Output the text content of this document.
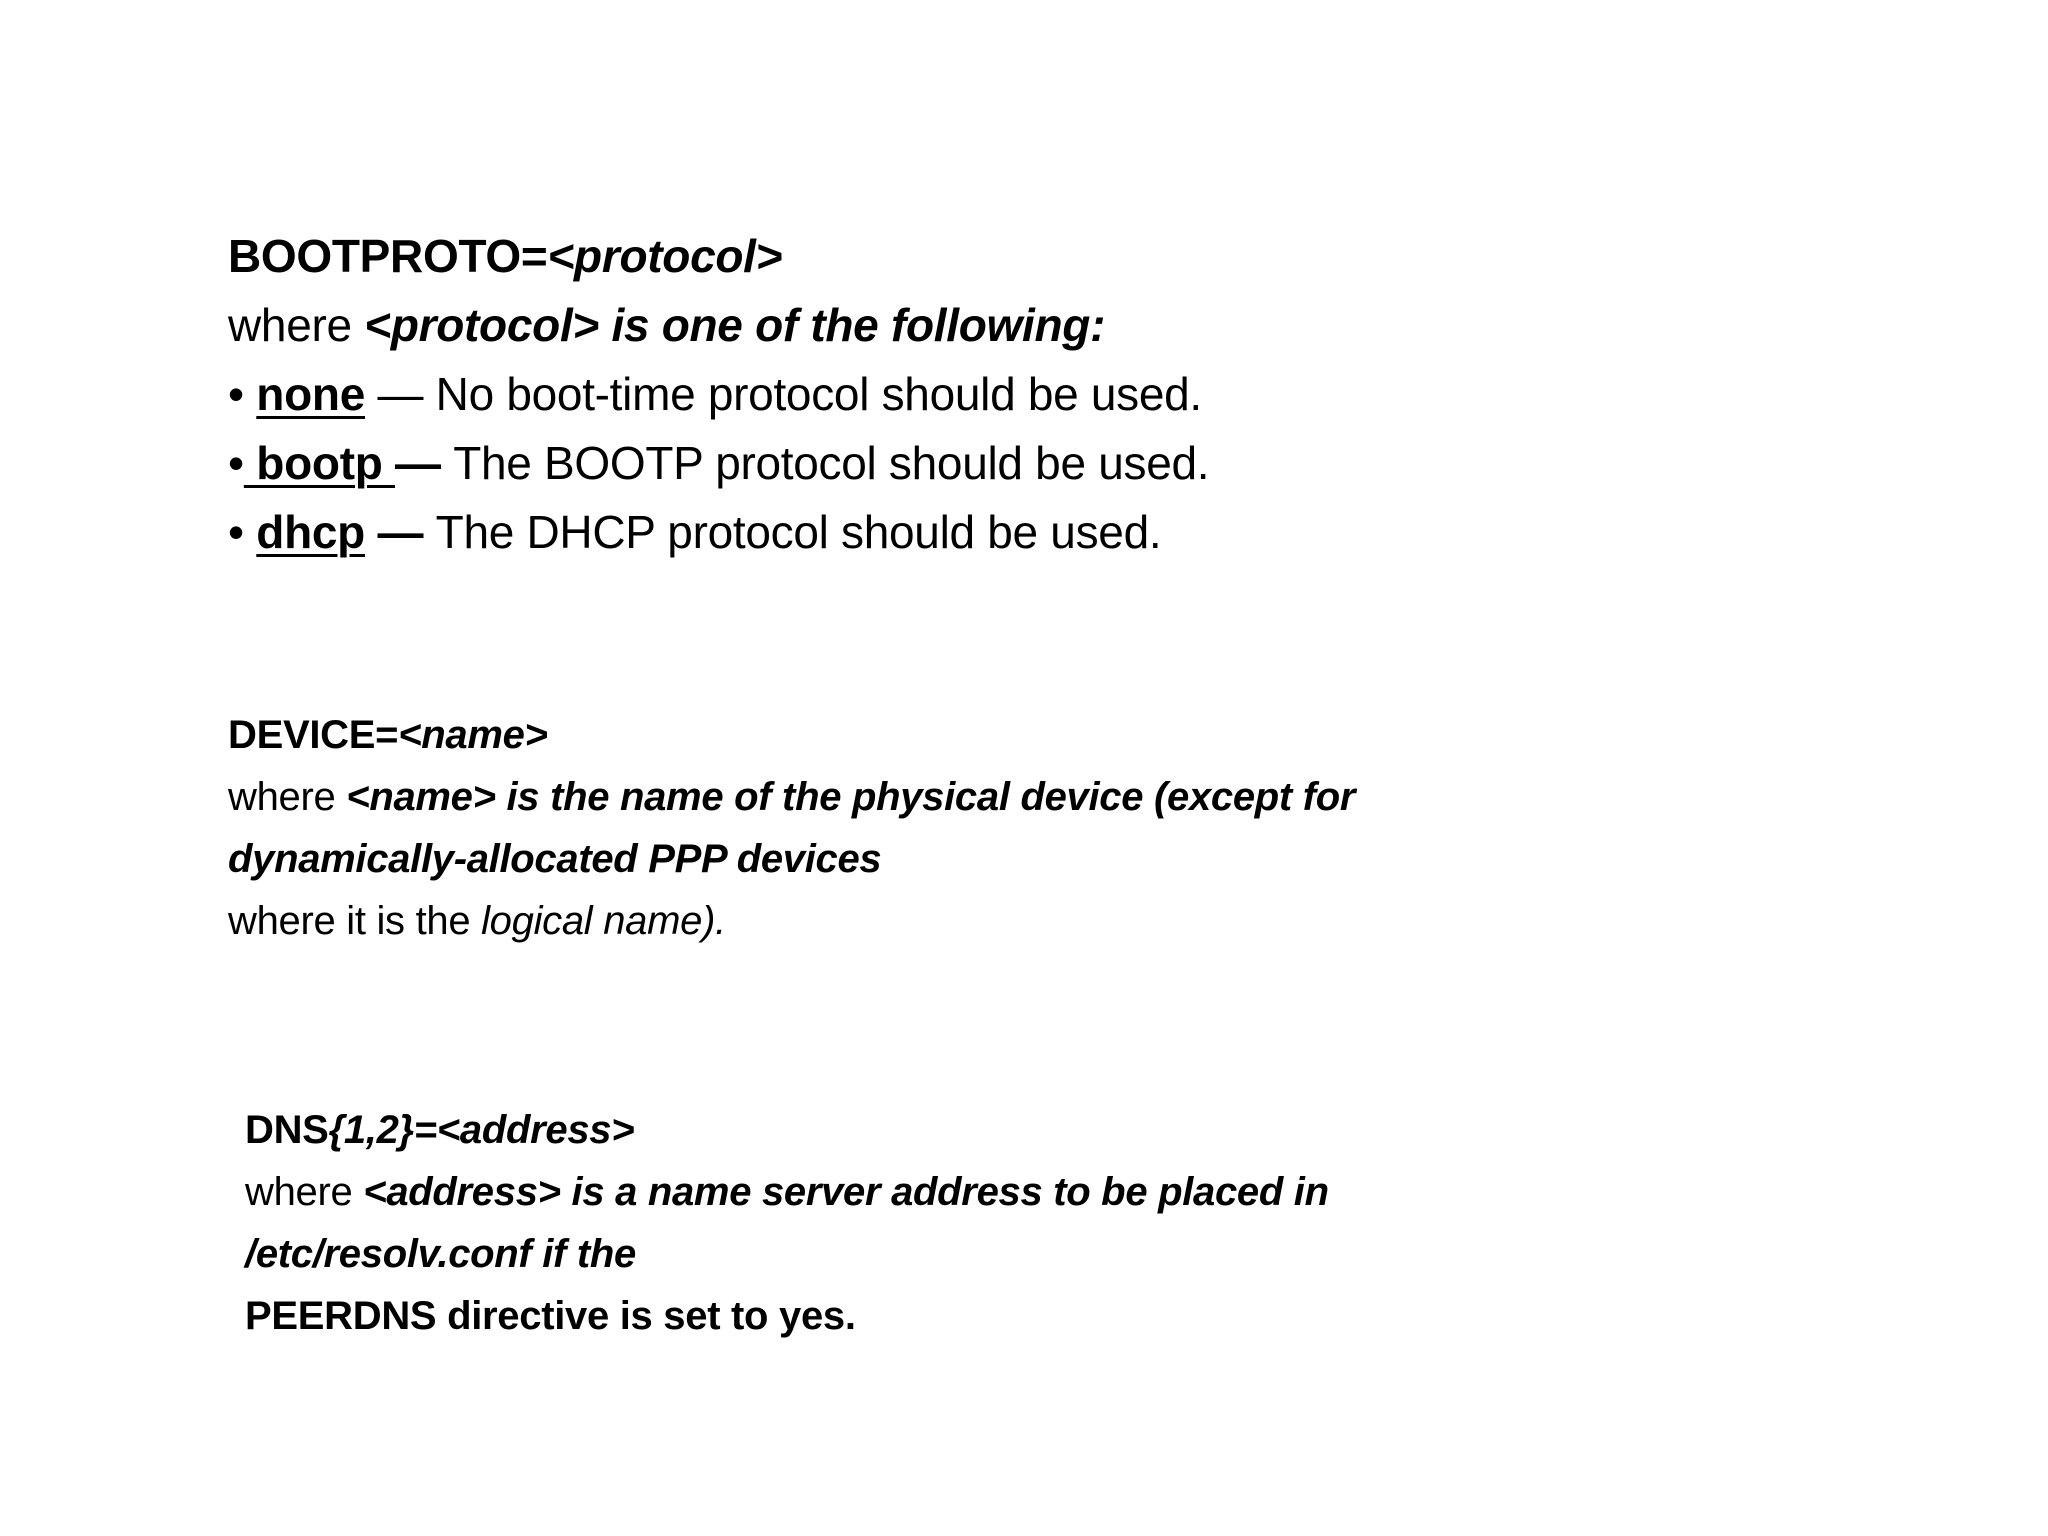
BOOTPROTO=<protocol>
where <protocol> is one of the following:
• none — No boot-time protocol should be used.
• bootp — The BOOTP protocol should be used.
• dhcp — The DHCP protocol should be used.
DEVICE=<name>
where <name> is the name of the physical device (except for
dynamically-allocated PPP devices
where it is the logical name).
DNS{1,2}=<address>
where <address> is a name server address to be placed in
/etc/resolv.conf if the
PEERDNS directive is set to yes.
